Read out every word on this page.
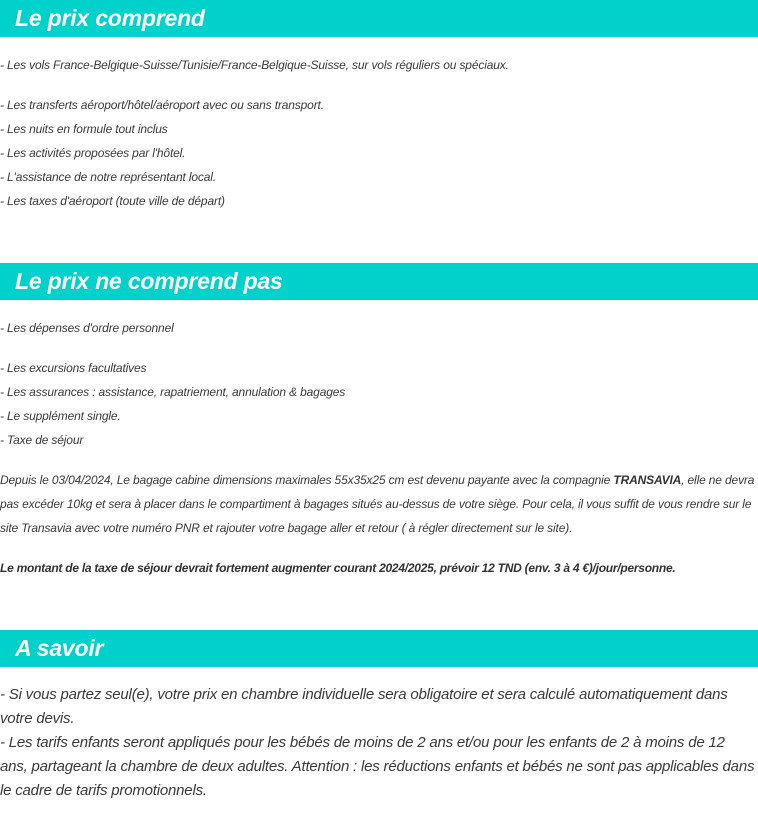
Le prix comprend
- Les vols France-Belgique-Suisse/Tunisie/France-Belgique-Suisse, sur vols réguliers ou spéciaux.
- Les transferts aéroport/hôtel/aéroport avec ou sans transport.
- Les nuits en formule tout inclus
- Les activités proposées par l'hôtel.
- L'assistance de notre représentant local.
- Les taxes d'aéroport (toute ville de départ)
Le prix ne comprend pas
- Les dépenses d'ordre personnel
- Les excursions facultatives
- Les assurances : assistance, rapatriement, annulation & bagages
- Le supplément single.
- Taxe de séjour
Depuis le 03/04/2024, Le bagage cabine dimensions maximales 55x35x25 cm est devenu payante avec la compagnie TRANSAVIA, elle ne devra pas excéder 10kg et sera à placer dans le compartiment à bagages situés au-dessus de votre siège. Pour cela, il vous suffit de vous rendre sur le site Transavia avec votre numéro PNR et rajouter votre bagage aller et retour ( à régler directement sur le site).
Le montant de la taxe de séjour devrait fortement augmenter courant 2024/2025, prévoir 12 TND (env. 3 à 4 €)/jour/personne.
A savoir
- Si vous partez seul(e), votre prix en chambre individuelle sera obligatoire et sera calculé automatiquement dans votre devis.
- Les tarifs enfants seront appliqués pour les bébés de moins de 2 ans et/ou pour les enfants de 2 à moins de 12 ans, partageant la chambre de deux adultes. Attention : les réductions enfants et bébés ne sont pas applicables dans le cadre de tarifs promotionnels.
